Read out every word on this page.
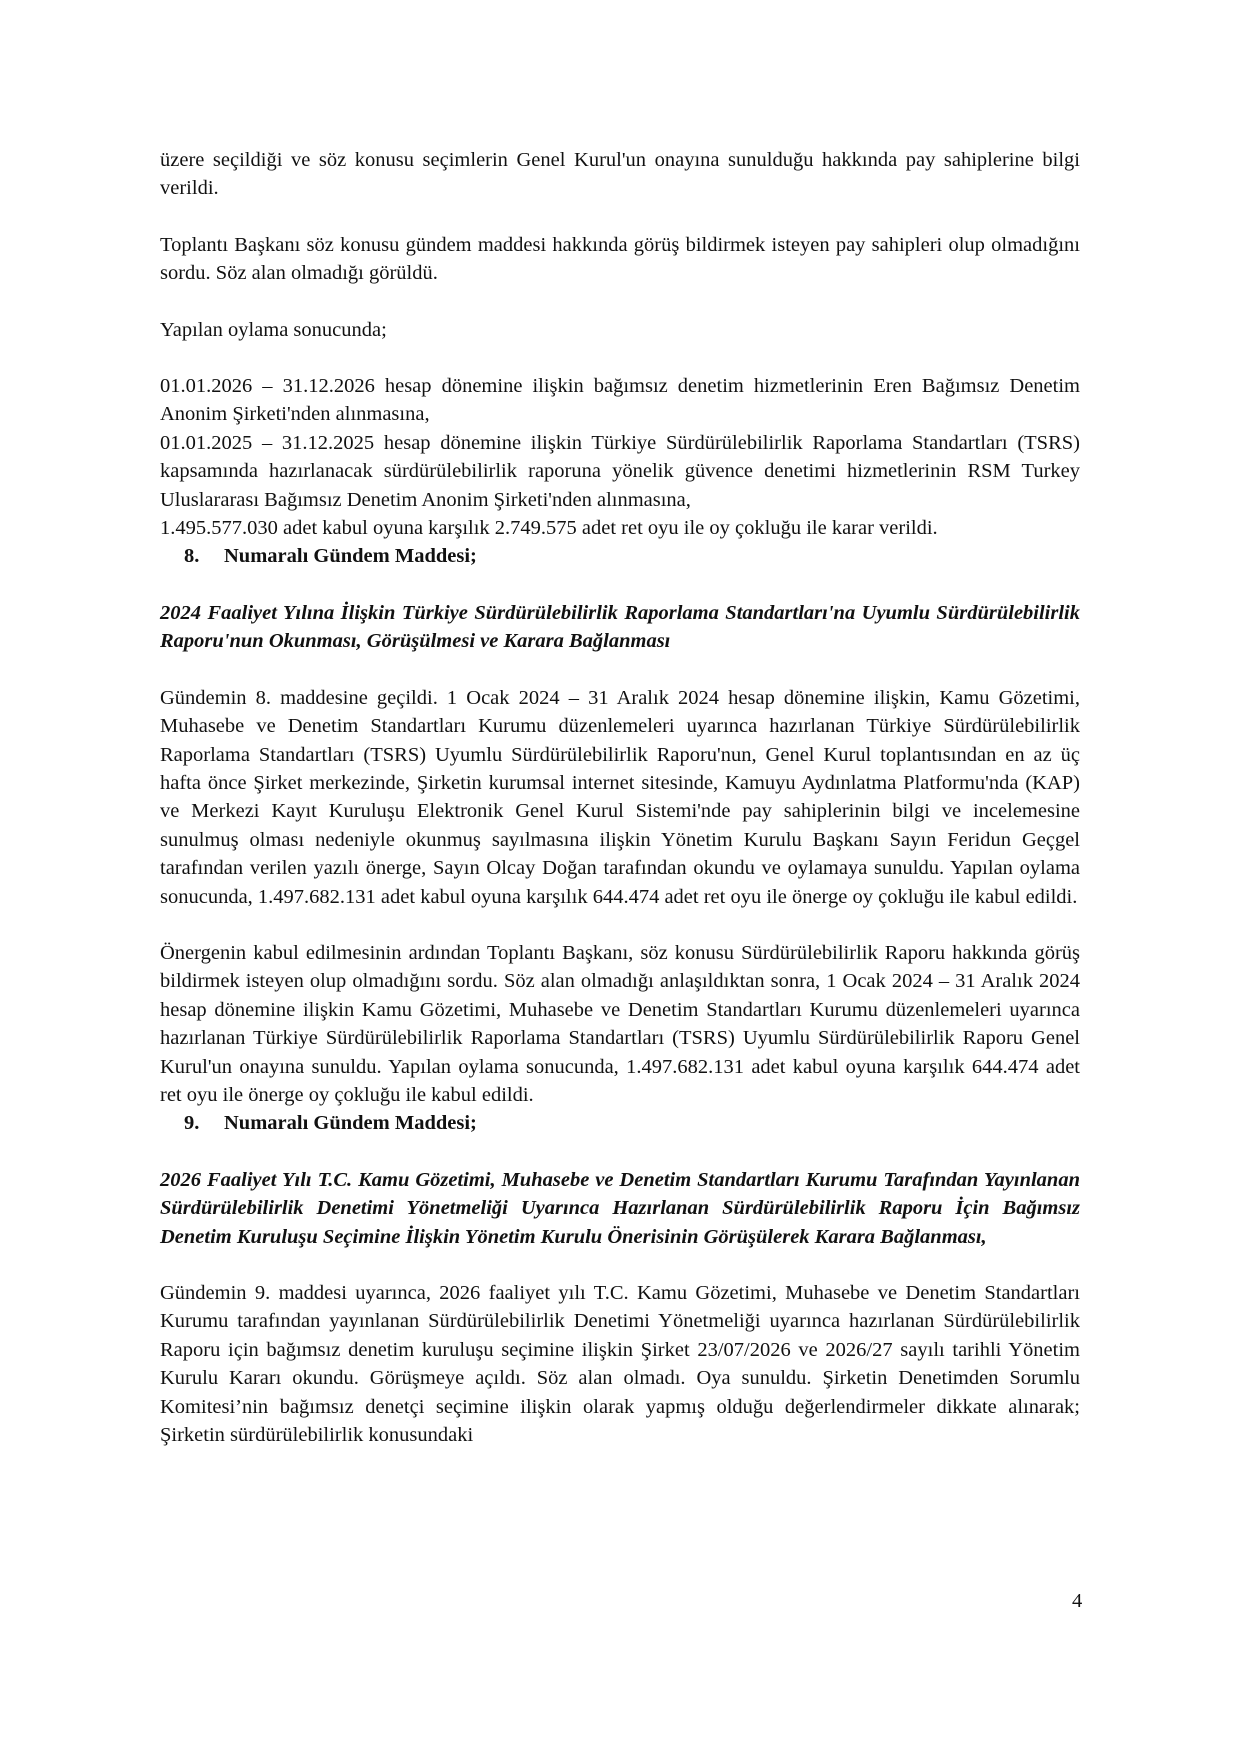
üzere seçildiği ve söz konusu seçimlerin Genel Kurul'un onayına sunulduğu hakkında pay sahiplerine bilgi verildi.

Toplantı Başkanı söz konusu gündem maddesi hakkında görüş bildirmek isteyen pay sahipleri olup olmadığını sordu. Söz alan olmadığı görüldü.

Yapılan oylama sonucunda;

01.01.2026 – 31.12.2026 hesap dönemine ilişkin bağımsız denetim hizmetlerinin Eren Bağımsız Denetim Anonim Şirketi'nden alınmasına,

01.01.2025 – 31.12.2025 hesap dönemine ilişkin Türkiye Sürdürülebilirlik Raporlama Standartları (TSRS) kapsamında hazırlanacak sürdürülebilirlik raporuna yönelik güvence denetimi hizmetlerinin RSM Turkey Uluslararası Bağımsız Denetim Anonim Şirketi'nden alınmasına,

1.495.577.030 adet kabul oyuna karşılık 2.749.575 adet ret oyu ile oy çokluğu ile karar verildi.

8. Numaralı Gündem Maddesi;

2024 Faaliyet Yılına İlişkin Türkiye Sürdürülebilirlik Raporlama Standartları'na Uyumlu Sürdürülebilirlik Raporu'nun Okunması, Görüşülmesi ve Karara Bağlanması

Gündemin 8. maddesine geçildi. 1 Ocak 2024 – 31 Aralık 2024 hesap dönemine ilişkin, Kamu Gözetimi, Muhasebe ve Denetim Standartları Kurumu düzenlemeleri uyarınca hazırlanan Türkiye Sürdürülebilirlik Raporlama Standartları (TSRS) Uyumlu Sürdürülebilirlik Raporu'nun, Genel Kurul toplantısından en az üç hafta önce Şirket merkezinde, Şirketin kurumsal internet sitesinde, Kamuyu Aydınlatma Platformu'nda (KAP) ve Merkezi Kayıt Kuruluşu Elektronik Genel Kurul Sistemi'nde pay sahiplerinin bilgi ve incelemesine sunulmuş olması nedeniyle okunmuş sayılmasına ilişkin Yönetim Kurulu Başkanı Sayın Feridun Geçgel tarafından verilen yazılı önerge, Sayın Olcay Doğan tarafından okundu ve oylamaya sunuldu. Yapılan oylama sonucunda, 1.497.682.131 adet kabul oyuna karşılık 644.474 adet ret oyu ile önerge oy çokluğu ile kabul edildi.

Önergenin kabul edilmesinin ardından Toplantı Başkanı, söz konusu Sürdürülebilirlik Raporu hakkında görüş bildirmek isteyen olup olmadığını sordu. Söz alan olmadığı anlaşıldıktan sonra, 1 Ocak 2024 – 31 Aralık 2024 hesap dönemine ilişkin Kamu Gözetimi, Muhasebe ve Denetim Standartları Kurumu düzenlemeleri uyarınca hazırlanan Türkiye Sürdürülebilirlik Raporlama Standartları (TSRS) Uyumlu Sürdürülebilirlik Raporu Genel Kurul'un onayına sunuldu. Yapılan oylama sonucunda, 1.497.682.131 adet kabul oyuna karşılık 644.474 adet ret oyu ile önerge oy çokluğu ile kabul edildi.

9. Numaralı Gündem Maddesi;

2026 Faaliyet Yılı T.C. Kamu Gözetimi, Muhasebe ve Denetim Standartları Kurumu Tarafından Yayınlanan Sürdürülebilirlik Denetimi Yönetmeliği Uyarınca Hazırlanan Sürdürülebilirlik Raporu İçin Bağımsız Denetim Kuruluşu Seçimine İlişkin Yönetim Kurulu Önerisinin Görüşülerek Karara Bağlanması,

Gündemin 9. maddesi uyarınca, 2026 faaliyet yılı T.C. Kamu Gözetimi, Muhasebe ve Denetim Standartları Kurumu tarafından yayınlanan Sürdürülebilirlik Denetimi Yönetmeliği uyarınca hazırlanan Sürdürülebilirlik Raporu için bağımsız denetim kuruluşu seçimine ilişkin Şirket 23/07/2026 ve 2026/27 sayılı tarihli Yönetim Kurulu Kararı okundu. Görüşmeye açıldı. Söz alan olmadı. Oya sunuldu. Şirketin Denetimden Sorumlu Komitesi’nin bağımsız denetçi seçimine ilişkin olarak yapmış olduğu değerlendirmeler dikkate alınarak; Şirketin sürdürülebilirlik konusundaki

4
